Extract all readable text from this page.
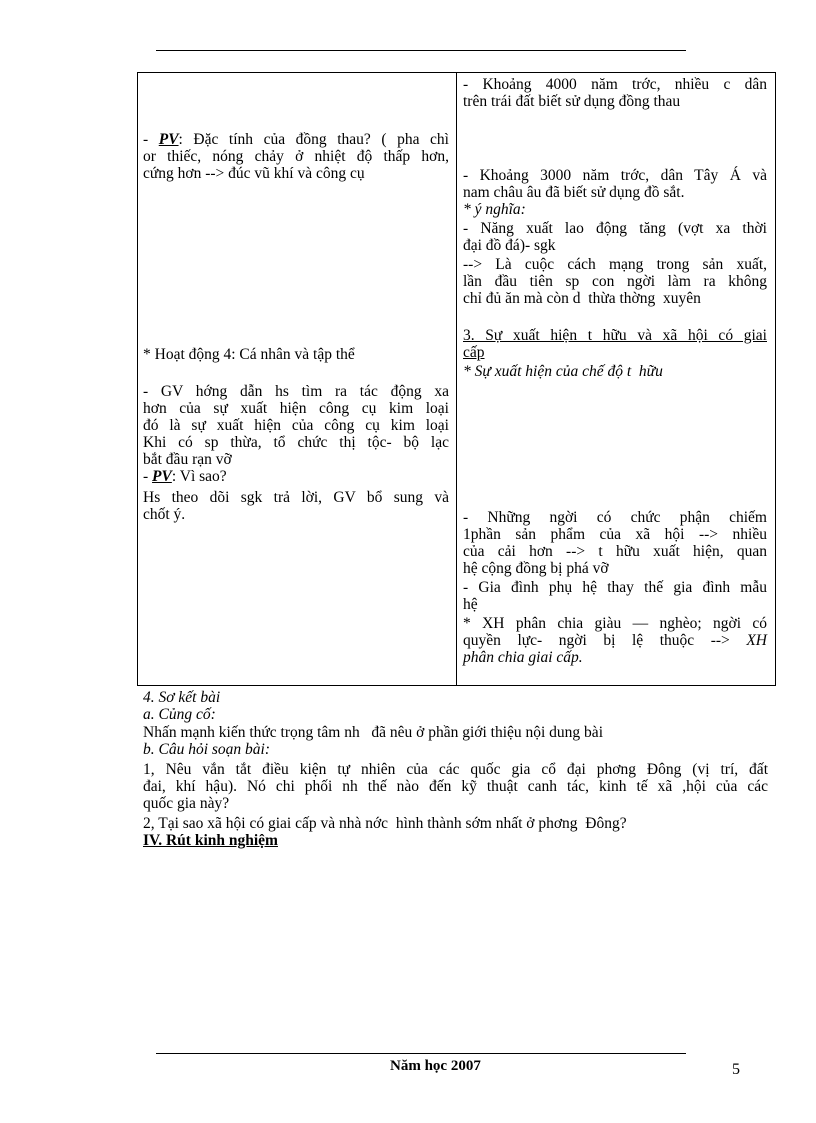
- PV: Đặc tính của đồng thau? ( pha chì
or thiếc, nóng chảy ở nhiệt độ thấp hơn,
cứng hơn --> đúc vũ khí và công cụ
* Hoạt động 4: Cá nhân và tập thể
- GV hớng dẫn hs tìm ra tác động xa
hơn của sự xuất hiện công cụ kim loại
đó là sự xuất hiện của công cụ kim loại
Khi có sp thừa, tổ chức thị tộc- bộ lạc
bắt đầu rạn vỡ
- PV: Vì sao?
Hs theo dõi sgk trả lời, GV bổ sung và
chốt ý.
- Khoảng 4000 năm trớc, nhiều c dân
trên trái đất biết sử dụng đồng thau
- Khoảng 3000 năm trớc, dân Tây Á và
nam châu âu đã biết sử dụng đồ sắt.
* ý nghĩa:
- Năng xuất lao động tăng (vợt xa thời
đại đồ đá)- sgk
--> Là cuộc cách mạng trong sản xuất,
lần đầu tiên sp con ngời làm ra không
chỉ đủ ăn mà còn d  thừa thờng  xuyên
3. Sự xuất hiện t hữu và xã hội có giai
cấp
* Sự xuất hiện của chế độ t  hữu
- Những ngời có chức phận chiếm
1phần sản phẩm của xã hội --> nhiều
của cải hơn --> t hữu xuất hiện, quan
hệ cộng đồng bị phá vỡ
- Gia đình phụ hệ thay thế gia đình mẫu
hệ
* XH phân chia giàu — nghèo; ngời có
quyền lực- ngời bị lệ thuộc --> XH
phân chia giai cấp.
4. Sơ kết bài
a. Củng cố:
Nhấn mạnh kiến thức trọng tâm nh   đã nêu ở phần giới thiệu nội dung bài
b. Câu hỏi soạn bài:
1, Nêu vắn tắt điều kiện tự nhiên của các quốc gia cổ đại phơng Đông (vị trí, đất
đai, khí hậu). Nó chi phối nh thế nào đến kỹ thuật canh tác, kinh tế xã ,hội của các
quốc gia này?
2, Tại sao xã hội có giai cấp và nhà nớc  hình thành sớm nhất ở phơng  Đông?
IV. Rút kinh nghiệm
Năm học 2007	5
